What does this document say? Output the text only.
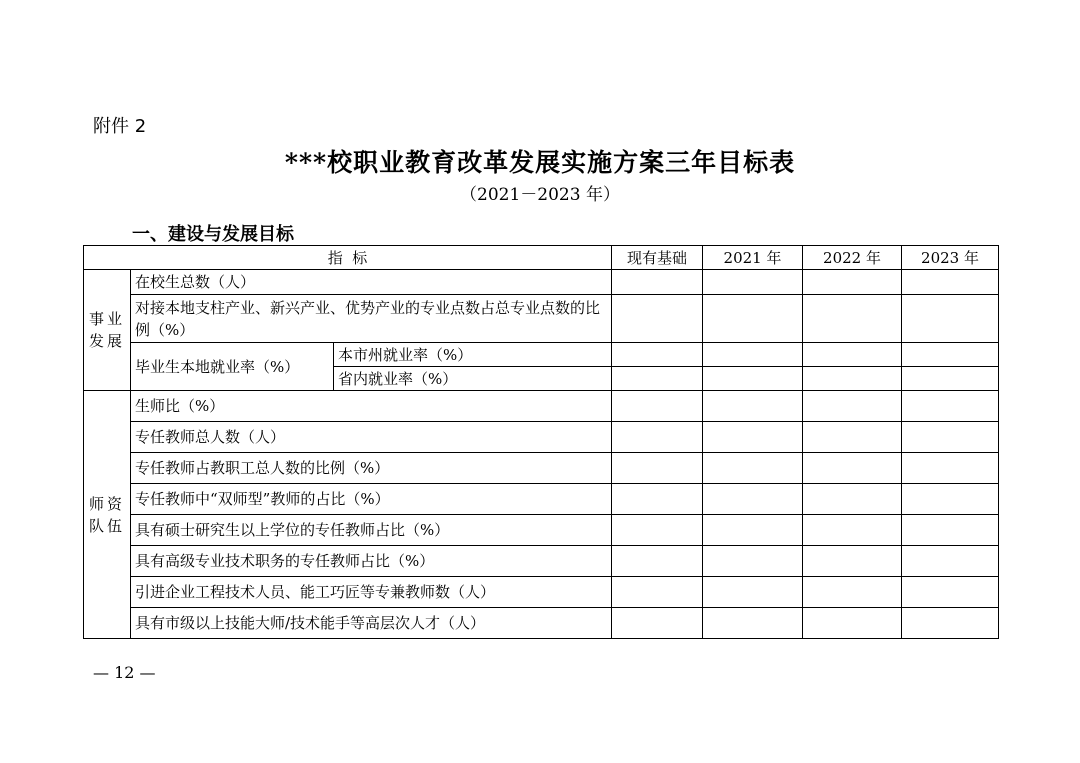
附件 2
***校职业教育改革发展实施方案三年目标表
（2021－2023 年）
一、建设与发展目标
指  标			现有基础	2021 年	2022 年	2023 年

事业
发展	在校生总数（人）					
	对接本地支柱产业、新兴产业、优势产业的专业点数占总专业点数的比例（%）					
	毕业生本地就业率（%）	本市州就业率（%）				
		省内就业率（%）				

师资
队伍	生师比（%）					
	专任教师总人数（人）					
	专任教师占教职工总人数的比例（%）					
	专任教师中“双师型”教师的占比（%）					
	具有硕士研究生以上学位的专任教师占比（%）					
	具有高级专业技术职务的专任教师占比（%）					
	引进企业工程技术人员、能工巧匠等专兼教师数（人）					
	具有市级以上技能大师/技术能手等高层次人才（人）					
— 12 —
